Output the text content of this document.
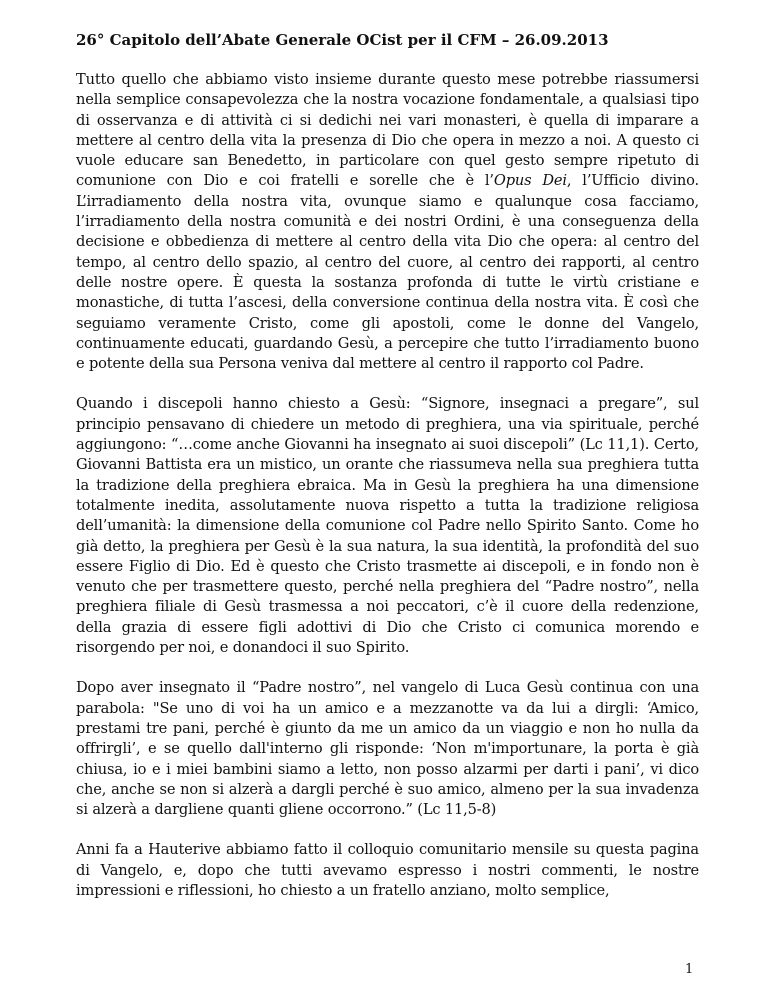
26° Capitolo dell’Abate Generale OCist per il CFM – 26.09.2013

Tutto quello che abbiamo visto insieme durante questo mese potrebbe riassumersi nella semplice consapevolezza che la nostra vocazione fondamentale, a qualsiasi tipo di osservanza e di attività ci si dedichi nei vari monasteri, è quella di imparare a mettere al centro della vita la presenza di Dio che opera in mezzo a noi. A questo ci vuole educare san Benedetto, in particolare con quel gesto sempre ripetuto di comunione con Dio e coi fratelli e sorelle che è l’Opus Dei, l’Ufficio divino. L’irradiamento della nostra vita, ovunque siamo e qualunque cosa facciamo, l’irradiamento della nostra comunità e dei nostri Ordini, è una conseguenza della decisione e obbedienza di mettere al centro della vita Dio che opera: al centro del tempo, al centro dello spazio, al centro del cuore, al centro dei rapporti, al centro delle nostre opere. È questa la sostanza profonda di tutte le virtù cristiane e monastiche, di tutta l’ascesi, della conversione continua della nostra vita. È così che seguiamo veramente Cristo, come gli apostoli, come le donne del Vangelo, continuamente educati, guardando Gesù, a percepire che tutto l’irradiamento buono e potente della sua Persona veniva dal mettere al centro il rapporto col Padre.

Quando i discepoli hanno chiesto a Gesù: “Signore, insegnaci a pregare”, sul principio pensavano di chiedere un metodo di preghiera, una via spirituale, perché aggiungono: “…come anche Giovanni ha insegnato ai suoi discepoli” (Lc 11,1). Certo, Giovanni Battista era un mistico, un orante che riassumeva nella sua preghiera tutta la tradizione della preghiera ebraica. Ma in Gesù la preghiera ha una dimensione totalmente inedita, assolutamente nuova rispetto a tutta la tradizione religiosa dell’umanità: la dimensione della comunione col Padre nello Spirito Santo. Come ho già detto, la preghiera per Gesù è la sua natura, la sua identità, la profondità del suo essere Figlio di Dio. Ed è questo che Cristo trasmette ai discepoli, e in fondo non è venuto che per trasmettere questo, perché nella preghiera del “Padre nostro”, nella preghiera filiale di Gesù trasmessa a noi peccatori, c’è il cuore della redenzione, della grazia di essere figli adottivi di Dio che Cristo ci comunica morendo e risorgendo per noi, e donandoci il suo Spirito.

Dopo aver insegnato il “Padre nostro”, nel vangelo di Luca Gesù continua con una parabola: "Se uno di voi ha un amico e a mezzanotte va da lui a dirgli: ‘Amico, prestami tre pani, perché è giunto da me un amico da un viaggio e non ho nulla da offrirgli’, e se quello dall'interno gli risponde: ‘Non m'importunare, la porta è già chiusa, io e i miei bambini siamo a letto, non posso alzarmi per darti i pani’, vi dico che, anche se non si alzerà a dargli perché è suo amico, almeno per la sua invadenza si alzerà a dargliene quanti gliene occorrono.” (Lc 11,5-8)

Anni fa a Hauterive abbiamo fatto il colloquio comunitario mensile su questa pagina di Vangelo, e, dopo che tutti avevamo espresso i nostri commenti, le nostre impressioni e riflessioni, ho chiesto a un fratello anziano, molto semplice,

1
